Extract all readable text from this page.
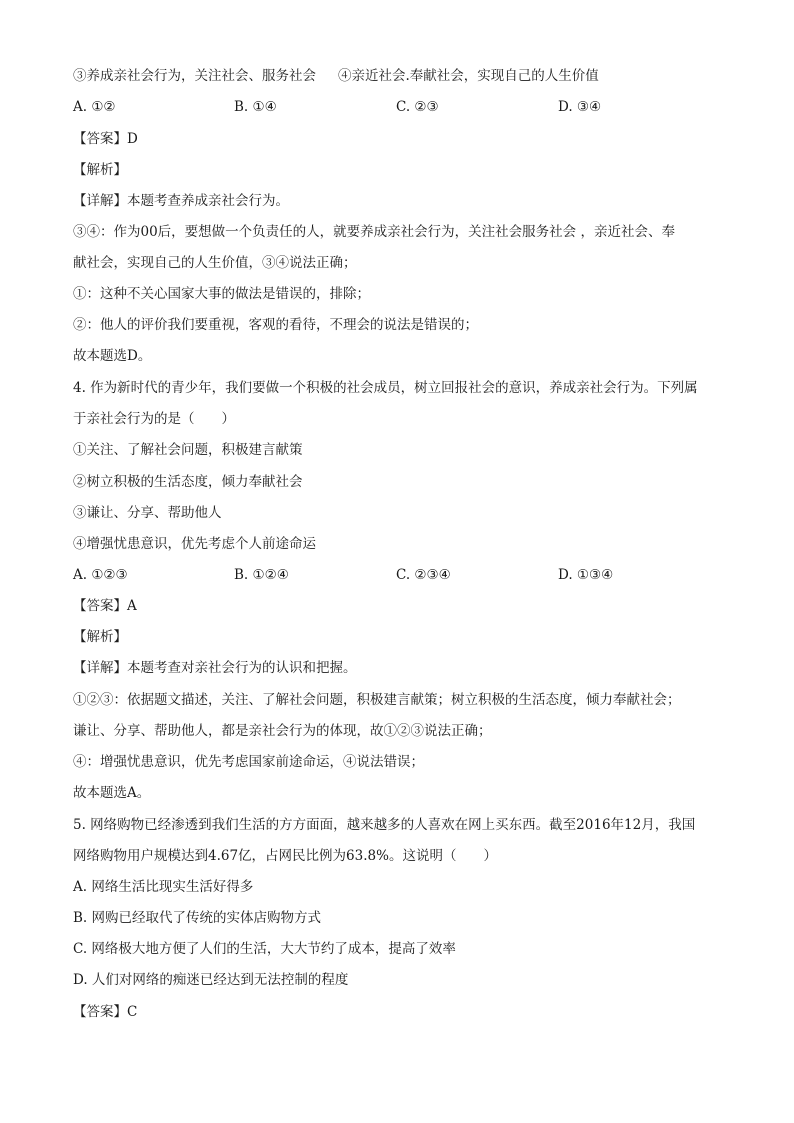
③养成亲社会行为，关注社会、服务社会 ④亲近社会.奉献社会，实现自己的人生价值
A. ①②	B. ①④	C. ②③	D. ③④
【答案】D
【解析】
【详解】本题考查养成亲社会行为。
③④：作为00后，要想做一个负责任的人，就要养成亲社会行为，关注社会服务社会 ，亲近社会、奉
献社会，实现自己的人生价值，③④说法正确；
①：这种不关心国家大事的做法是错误的，排除；
②：他人的评价我们要重视，客观的看待，不理会的说法是错误的；
故本题选D。
4. 作为新时代的青少年，我们要做一个积极的社会成员，树立回报社会的意识，养成亲社会行为。下列属
于亲社会行为的是（　　）
①关注、了解社会问题，积极建言献策
②树立积极的生活态度，倾力奉献社会
③谦让、分享、帮助他人
④增强忧患意识，优先考虑个人前途命运
A. ①②③	B. ①②④	C. ②③④	D. ①③④
【答案】A
【解析】
【详解】本题考查对亲社会行为的认识和把握。
①②③：依据题文描述，关注、了解社会问题，积极建言献策；树立积极的生活态度，倾力奉献社会；
谦让、分享、帮助他人，都是亲社会行为的体现，故①②③说法正确；
④：增强忧患意识，优先考虑国家前途命运，④说法错误；
故本题选A。
5. 网络购物已经渗透到我们生活的方方面面，越来越多的人喜欢在网上买东西。截至2016年12月，我国
网络购物用户规模达到4.67亿，占网民比例为63.8%。这说明（　　）
A. 网络生活比现实生活好得多
B. 网购已经取代了传统的实体店购物方式
C. 网络极大地方便了人们的生活，大大节约了成本，提高了效率
D. 人们对网络的痴迷已经达到无法控制的程度
【答案】C
